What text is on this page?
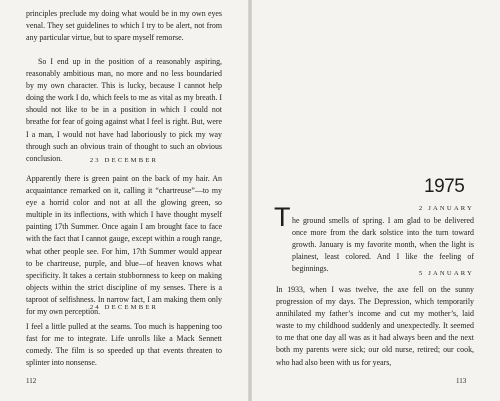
principles preclude my doing what would be in my own eyes venal. They set guidelines to which I try to be alert, not from any particular virtue, but to spare myself remorse.

So I end up in the position of a reasonably aspiring, reasonably ambitious man, no more and no less boundaried by my own character. This is lucky, because I cannot help doing the work I do, which feels to me as vital as my breath. I should not like to be in a position in which I could not breathe for fear of going against what I feel is right. But, were I a man, I would not have had laboriously to pick my way through such an obvious train of thought to such an obvious conclusion.	23 DECEMBER

Apparently there is green paint on the back of my hair. An acquaintance remarked on it, calling it “chartreuse”—to my eye a horrid color and not at all the glowing green, so multiple in its inflections, with which I have thought myself painting 17th Summer. Once again I am brought face to face with the fact that I cannot gauge, except within a rough range, what other people see. For him, 17th Summer would appear to be chartreuse, purple, and blue—of heaven knows what specificity. It takes a certain stubbornness to keep on making objects within the strict discipline of my senses. There is a taproot of selfishness. In narrow fact, I am making them only for my own perception.

24 DECEMBER

I feel a little pulled at the seams. Too much is happening too fast for me to integrate. Life unrolls like a Mack Sennett comedy. The film is so speeded up that events threaten to splinter into nonsense.

112

1975

2 JANUARY

T he ground smells of spring. I am glad to be delivered once more from the dark solstice into the turn toward growth. January is my favorite month, when the light is plainest, least colored. And I like the feeling of beginnings.

5 JANUARY

In 1933, when I was twelve, the axe fell on the sunny progression of my days. The Depression, which temporarily annihilated my father’s income and cut my mother’s, laid waste to my childhood suddenly and unexpectedly. It seemed to me that one day all was as it had always been and the next both my parents were sick; our old nurse, retired; our cook, who had also been with us for years,

113
